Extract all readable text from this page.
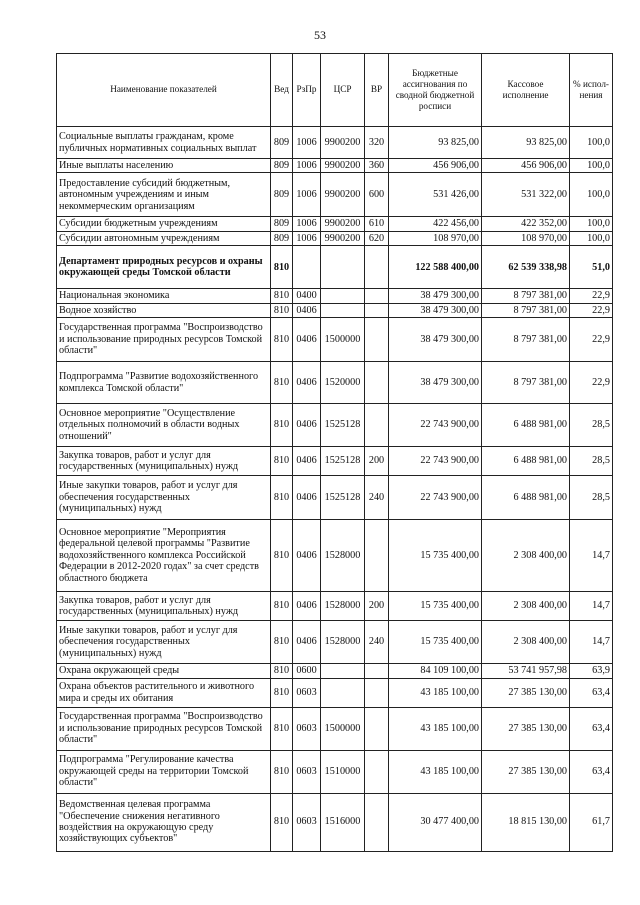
53
Наименование показателей	Вед	РзПр	ЦСР	ВР	Бюджетные ассигнования по сводной бюджетной росписи	Кассовое исполнение	% испол-нения
Социальные выплаты гражданам, кроме публичных нормативных социальных выплат	809	1006	9900200	320	93 825,00	93 825,00	100,0
Иные выплаты населению	809	1006	9900200	360	456 906,00	456 906,00	100,0
Предоставление субсидий бюджетным, автономным учреждениям и иным некоммерческим организациям	809	1006	9900200	600	531 426,00	531 322,00	100,0
Субсидии бюджетным учреждениям	809	1006	9900200	610	422 456,00	422 352,00	100,0
Субсидии автономным учреждениям	809	1006	9900200	620	108 970,00	108 970,00	100,0
Департамент природных ресурсов и охраны окружающей среды Томской области	810				122 588 400,00	62 539 338,98	51,0
Национальная экономика	810	0400			38 479 300,00	8 797 381,00	22,9
Водное хозяйство	810	0406			38 479 300,00	8 797 381,00	22,9
Государственная программа "Воспроизводство и использование природных ресурсов Томской области"	810	0406	1500000		38 479 300,00	8 797 381,00	22,9
Подпрограмма "Развитие водохозяйственного комплекса Томской области"	810	0406	1520000		38 479 300,00	8 797 381,00	22,9
Основное мероприятие "Осуществление отдельных полномочий в области водных отношений"	810	0406	1525128		22 743 900,00	6 488 981,00	28,5
Закупка товаров, работ и услуг для государственных (муниципальных) нужд	810	0406	1525128	200	22 743 900,00	6 488 981,00	28,5
Иные закупки товаров, работ и услуг для обеспечения государственных (муниципальных) нужд	810	0406	1525128	240	22 743 900,00	6 488 981,00	28,5
Основное мероприятие "Мероприятия федеральной целевой программы "Развитие водохозяйственного комплекса Российской Федерации в 2012-2020 годах" за счет средств областного бюджета	810	0406	1528000		15 735 400,00	2 308 400,00	14,7
Закупка товаров, работ и услуг для государственных (муниципальных) нужд	810	0406	1528000	200	15 735 400,00	2 308 400,00	14,7
Иные закупки товаров, работ и услуг для обеспечения государственных (муниципальных) нужд	810	0406	1528000	240	15 735 400,00	2 308 400,00	14,7
Охрана окружающей среды	810	0600			84 109 100,00	53 741 957,98	63,9
Охрана объектов растительного и животного мира и среды их обитания	810	0603			43 185 100,00	27 385 130,00	63,4
Государственная программа "Воспроизводство и использование природных ресурсов Томской области"	810	0603	1500000		43 185 100,00	27 385 130,00	63,4
Подпрограмма "Регулирование качества окружающей среды на территории Томской области"	810	0603	1510000		43 185 100,00	27 385 130,00	63,4
Ведомственная целевая программа "Обеспечение снижения негативного воздействия на окружающую среду хозяйствующих субъектов"	810	0603	1516000		30 477 400,00	18 815 130,00	61,7
